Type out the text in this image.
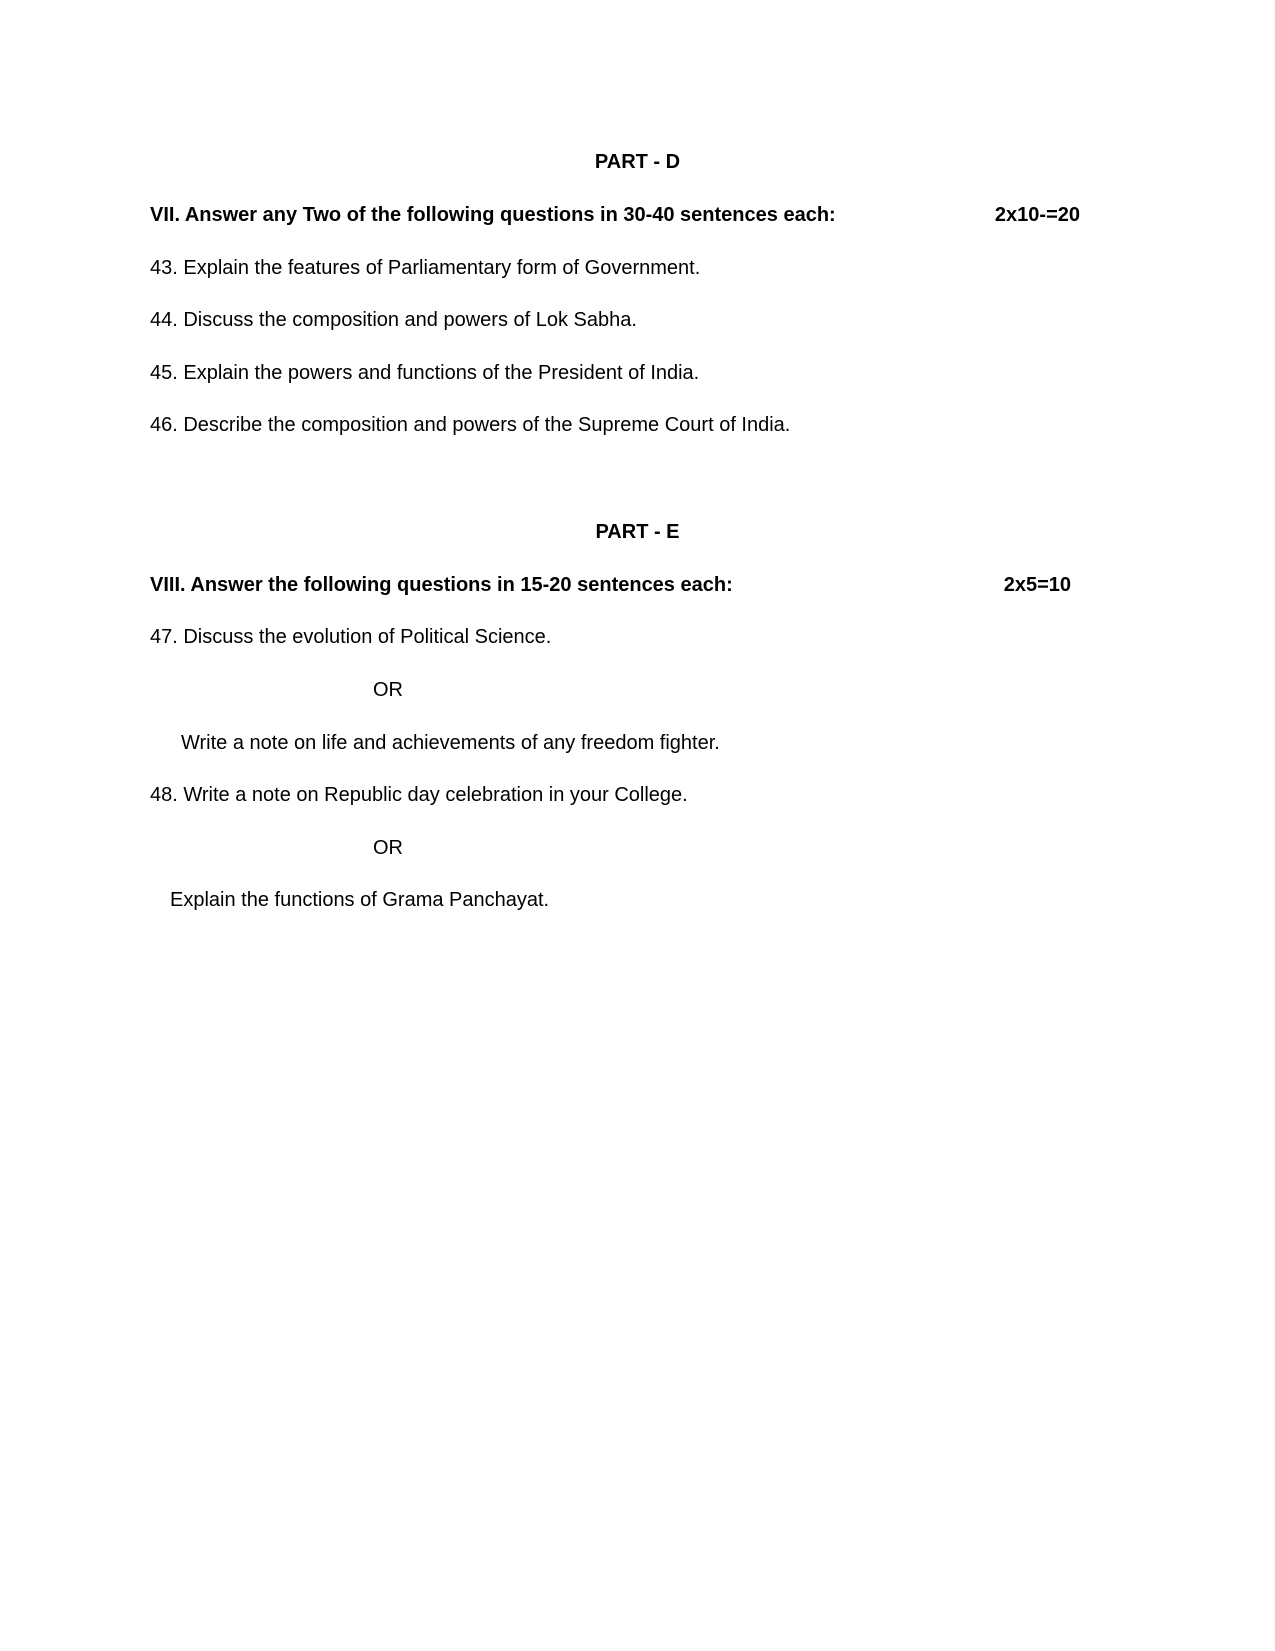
PART - D
VII. Answer any Two of the following questions in 30-40 sentences each:	2x10-=20
43. Explain the features of Parliamentary form of Government.
44. Discuss the composition and powers of Lok Sabha.
45. Explain the powers and functions of the President of India.
46. Describe the composition and powers of the Supreme Court of India.
PART - E
VIII. Answer the following questions in 15-20 sentences each:	2x5=10
47. Discuss the evolution of Political Science.
OR
Write a note on life and achievements of any freedom fighter.
48. Write a note on Republic day celebration in your College.
OR
Explain the functions of Grama Panchayat.
